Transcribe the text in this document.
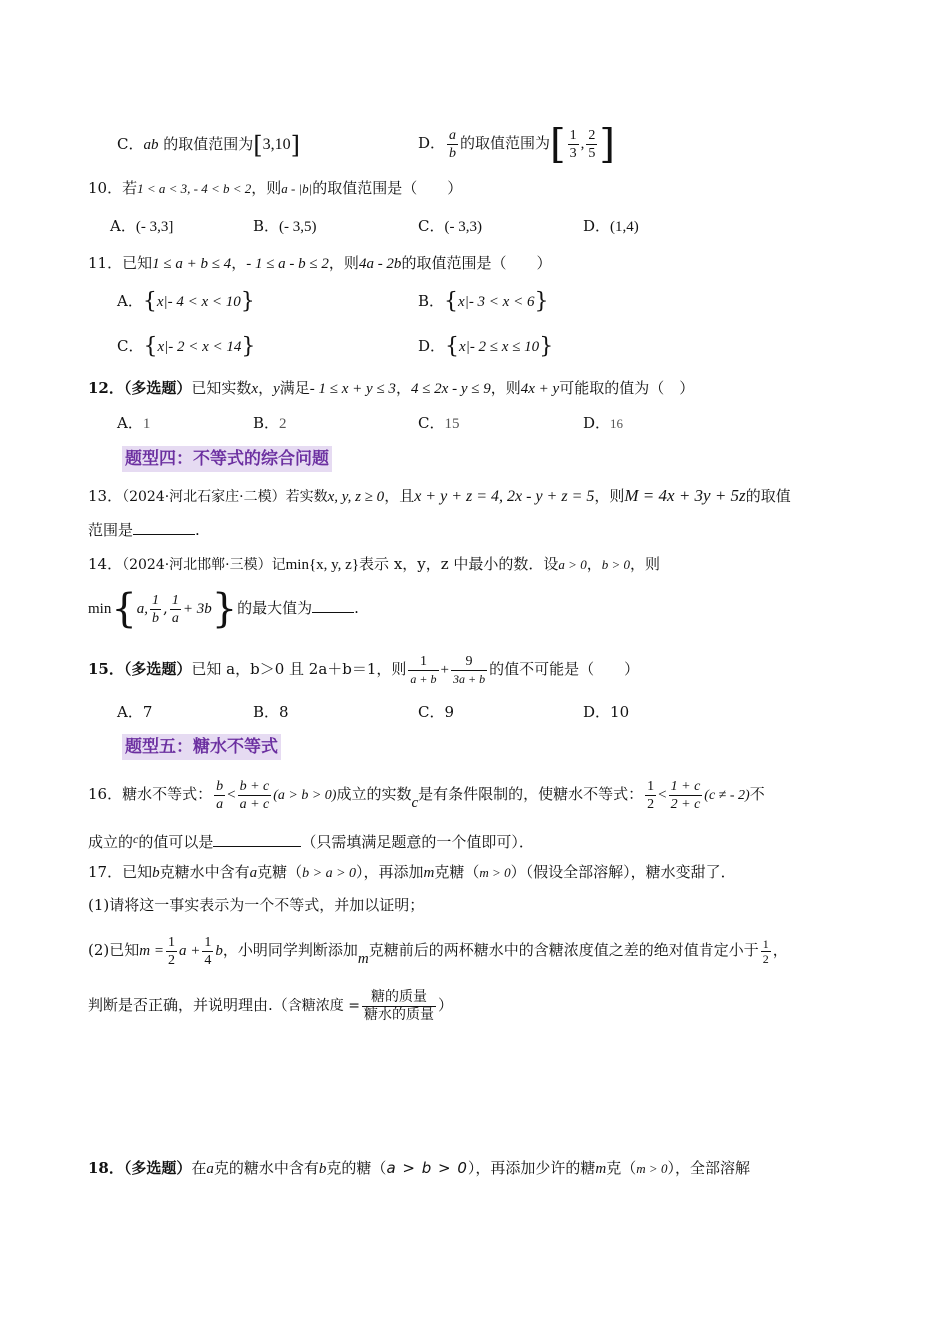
C．ab 的取值范围为[3,10]	D． $\frac{a}{b}$ 的取值范围为[ $\frac{1}{3}$ , $\frac{2}{5}$ ]
10．若1 < a < 3, - 4 < b < 2，则a - |b|的取值范围是（　　）
A．(- 3,3]	B．(- 3,5)	C．(- 3,3)	D．(1,4)
11．已知1 ≤ a + b ≤ 4，- 1 ≤ a - b ≤ 2，则4a - 2b的取值范围是（　　）
A．{x|- 4 < x < 10}	B．{x|- 3 < x < 6}
C．{x|- 2 < x < 14}	D．{x|- 2 ≤ x ≤ 10}
12．（多选题）已知实数x，y满足- 1 ≤ x + y ≤ 3，4 ≤ 2x - y ≤ 9，则4x + y可能取的值为（　）
A．1	B．2	C．15	D．16
题型四：不等式的综合问题
13．（2024·河北石家庄·二模）若实数x, y, z ≥ 0，且x + y + z = 4, 2x - y + z = 5，则M = 4x + 3y + 5z的取值
范围是	.
14．（2024·河北邯郸·三模）记min{x, y, z}表示 x，y，z 中最小的数．设a > 0，b > 0，则
min{a, $\frac{1}{b}$ , $\frac{1}{a} + 3b$}的最大值为	.
15．（多选题）已知 a，b＞0 且 2a＋b＝1，则 $\frac{1}{a + b} + \frac{9}{3a + b}$ 的值不可能是（　　）
A．7	B．8	C．9	D．10
题型五：糖水不等式
16．糖水不等式： $\frac{b}{a} < \frac{b + c}{a + c} (a > b > 0)$成立的实数c是有条件限制的，使糖水不等式： $\frac{1}{2} < \frac{1 + c}{2 + c} (c$ ≠ - 2)不
成立的$^c$的值可以是	（只需填满足题意的一个值即可）．
17．已知b克糖水中含有a克糖（b > a > 0），再添加m克糖（m > 0）（假设全部溶解），糖水变甜了．
(1)请将这一事实表示为一个不等式，并加以证明；
(2)已知$m = \frac{1}{2}$ $a + \frac{1}{4}$ b，小明同学判断添加m克糖前后的两杯糖水中的含糖浓度值之差的绝对值肯定小于 $\frac{1}{2}$ ，
判断是否正确，并说明理由.（含糖浓度 = $\frac{\text{糖的质量}}{\text{糖水的质量}}$ ）
18．（多选题）在a克的糖水中含有b克的糖（a > b > 0），再添加少许的糖m克（m > 0），全部溶解
